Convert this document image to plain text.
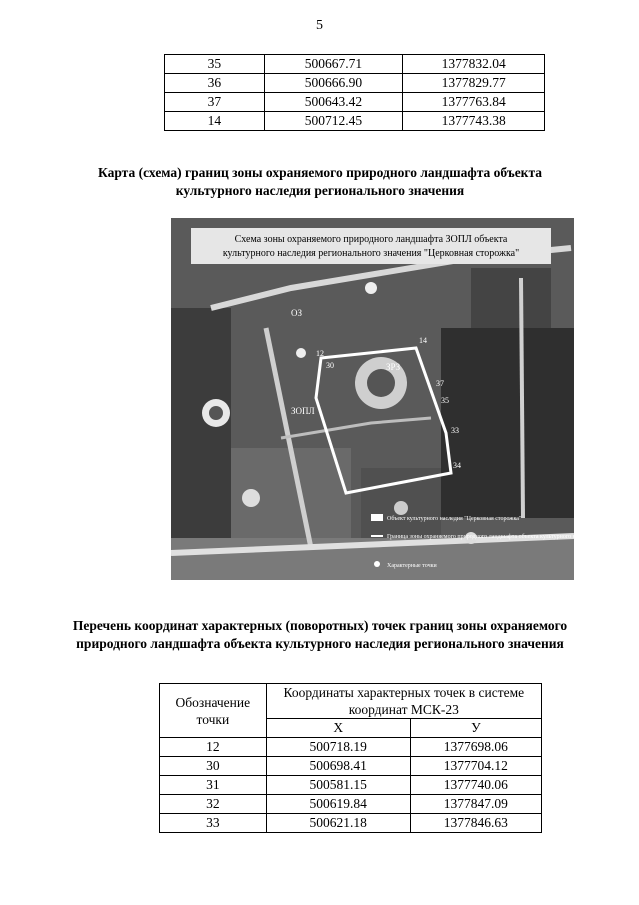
5
35	500667.71	1377832.04
36	500666.90	1377829.77
37	500643.42	1377763.84
14	500712.45	1377743.38
Карта (схема) границ зоны охраняемого природного ландшафта объекта культурного наследия регионального значения
Схема зоны охраняемого природного ландшафта ЗОПЛ объекта
культурного наследия регионального значения "Церковная сторожка"
ОЗ
ЗОПЛ
ЗРЗ
12
14
30
33
34
35
37
Объект культурного наследия "Церковная сторожка"
Граница зоны охраняемого природного ландшафта объекта культурного наследия
Характерные точки
Перечень координат характерных (поворотных) точек границ зоны охраняемого природного ландшафта объекта культурного наследия регионального значения
Обозначение точки	Координаты характерных точек в системе координат МСК-23	
	X	У
12	500718.19	1377698.06
30	500698.41	1377704.12
31	500581.15	1377740.06
32	500619.84	1377847.09
33	500621.18	1377846.63
